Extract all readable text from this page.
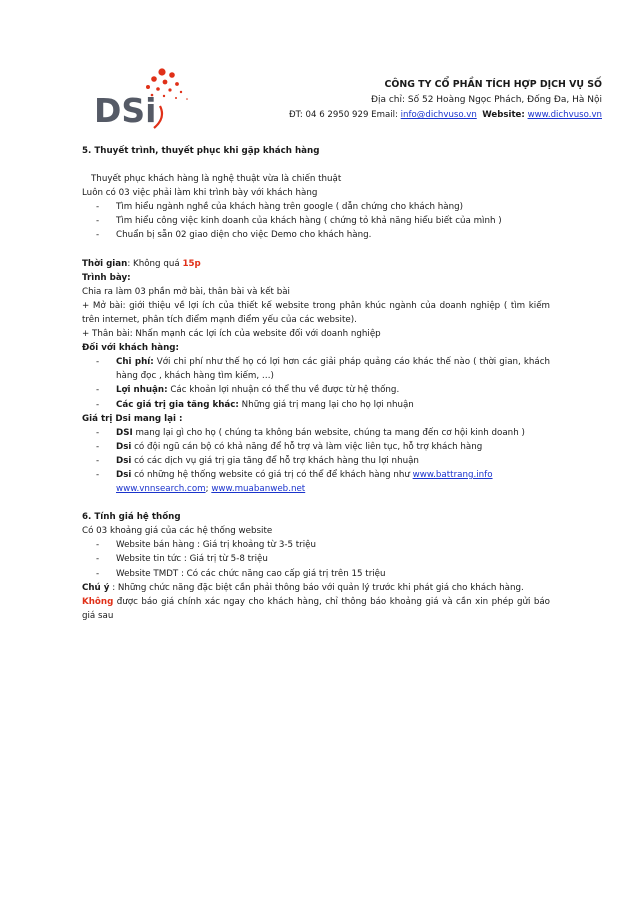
DSi
CÔNG TY CỔ PHẦN TÍCH HỢP DỊCH VỤ SỐ
Địa chỉ: Số 52 Hoàng Ngọc Phách, Đống Đa, Hà Nội
ĐT: 04 6 2950 929 Email: info@dichvuso.vn Website: www.dichvuso.vn

5. Thuyết trình, thuyết phục khi gặp khách hàng

Thuyết phục khách hàng là nghệ thuật vừa là chiến thuật

Luôn có 03 việc phải làm khi trình bày với khách hàng

- Tìm hiểu ngành nghề của khách hàng trên google ( dẫn chứng cho khách hàng)
- Tìm hiểu công việc kinh doanh của khách hàng ( chứng tỏ khả năng hiểu biết của mình )
- Chuẩn bị sẵn 02 giao diện cho việc Demo cho khách hàng.

Thời gian: Không quá 15p

Trình bày:

Chia ra làm 03 phần mở bài, thân bài và kết bài

+ Mở bài: giới thiệu về lợi ích của thiết kế website trong phân khúc ngành của doanh nghiệp ( tìm kiếm trên internet, phân tích điểm mạnh điểm yếu của các website).

+ Thân bài: Nhấn mạnh các lợi ích của website đối với doanh nghiệp

Đối với khách hàng:

- Chi phí: Với chi phí như thế họ có lợi hơn các giải pháp quảng cáo khác thế nào ( thời gian, khách hàng đọc , khách hàng tìm kiếm, …)
- Lợi nhuận: Các khoản lợi nhuận có thể thu về được từ hệ thống.
- Các giá trị gia tăng khác: Những giá trị mang lại cho họ lợi nhuận

Giá trị Dsi mang lại :

- DSI mang lại gì cho họ ( chúng ta không bán website, chúng ta mang đến cơ hội kinh doanh )
- Dsi có đội ngũ cán bộ có khả năng để hỗ trợ và làm việc liên tục, hỗ trợ khách hàng
- Dsi có các dịch vụ giá trị gia tăng để hỗ trợ khách hàng thu lợi nhuận
- Dsi có những hệ thống website có giá trị có thể để khách hàng như www.battrang.info www.vnnsearch.com; www.muabanweb.net

6. Tính giá hệ thống

Có 03 khoảng giá của các hệ thống website

- Website bán hàng : Giá trị khoảng từ 3-5 triệu
- Website tin tức : Giá trị từ 5-8 triệu
- Website TMDT : Có các chức năng cao cấp giá trị trên 15 triệu

Chú ý : Những chức năng đặc biệt cần phải thông báo với quản lý trước khi phát giá cho khách hàng.

Không được báo giá chính xác ngay cho khách hàng, chỉ thông báo khoảng giá và cần xin phép gửi báo giá sau
